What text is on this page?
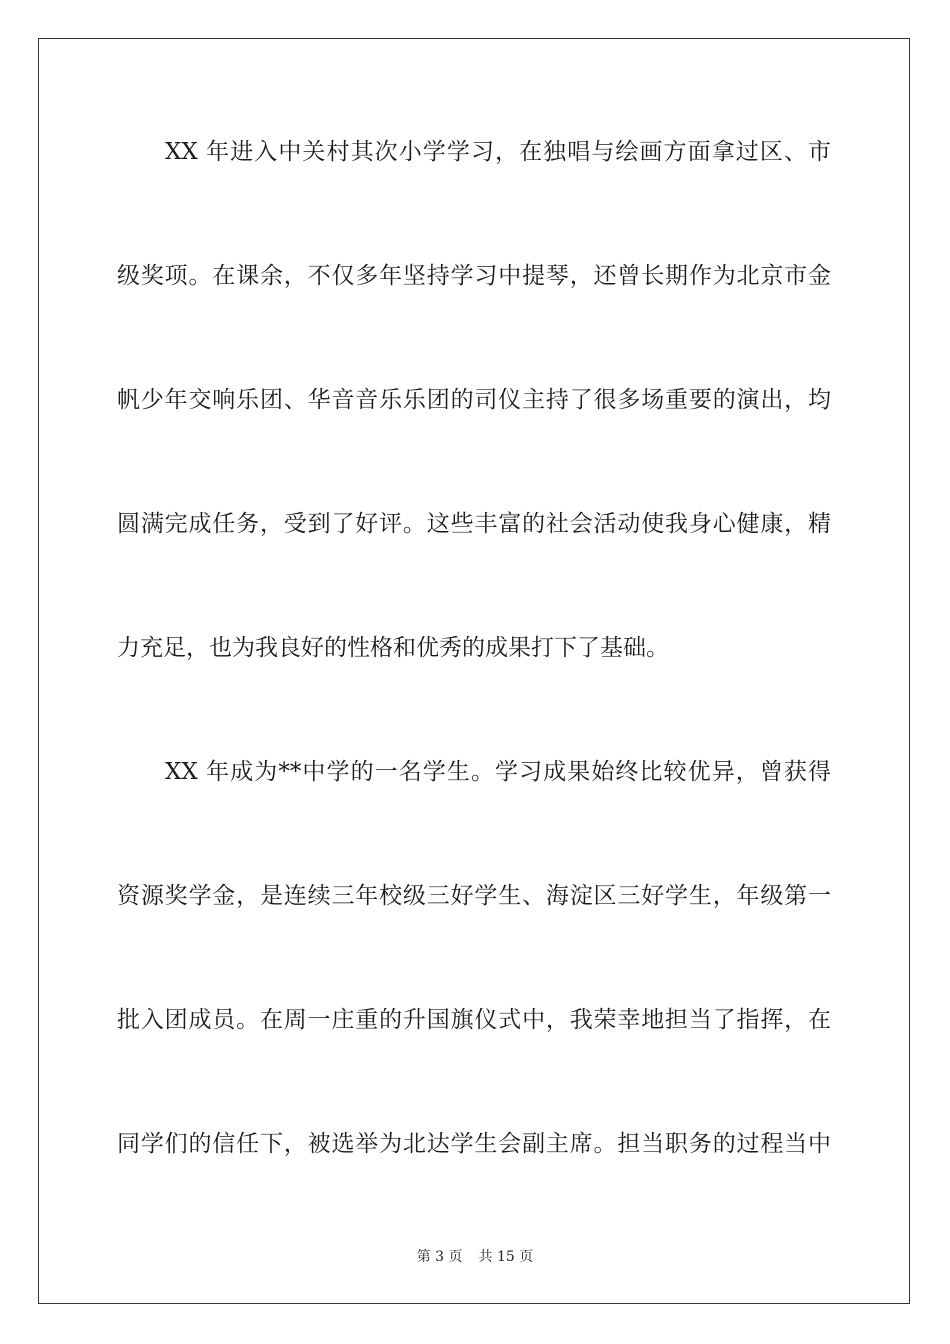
XX 年进入中关村其次小学学习，在独唱与绘画方面拿过区、市
级奖项。在课余，不仅多年坚持学习中提琴，还曾长期作为北京市金
帆少年交响乐团、华音音乐乐团的司仪主持了很多场重要的演出，均
圆满完成任务，受到了好评。这些丰富的社会活动使我身心健康，精
力充足，也为我良好的性格和优秀的成果打下了基础。
XX 年成为**中学的一名学生。学习成果始终比较优异，曾获得
资源奖学金，是连续三年校级三好学生、海淀区三好学生，年级第一
批入团成员。在周一庄重的升国旗仪式中，我荣幸地担当了指挥，在
同学们的信任下，被选举为北达学生会副主席。担当职务的过程当中
第 3 页 共 15 页
